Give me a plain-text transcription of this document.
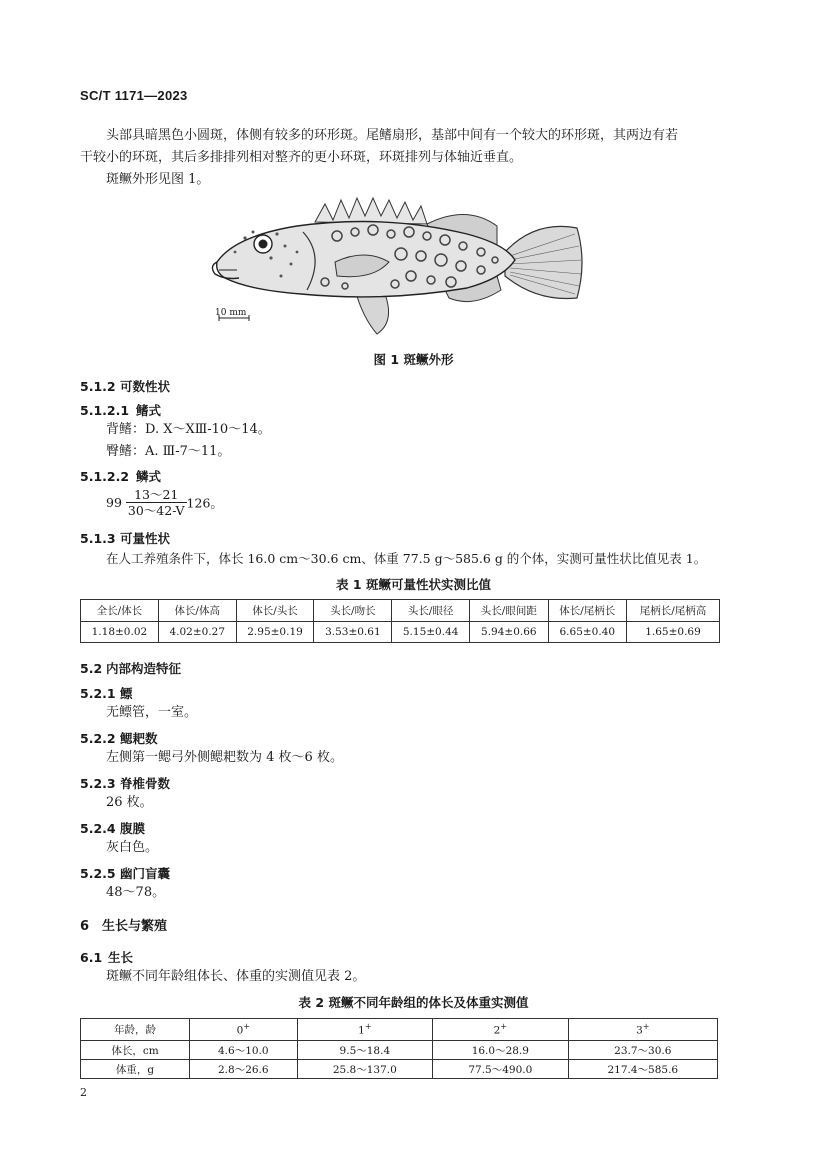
SC/T 1171—2023
头部具暗黑色小圆斑，体侧有较多的环形斑。尾鳍扇形，基部中间有一个较大的环形斑，其两边有若
干较小的环斑，其后多排排列相对整齐的更小环斑，环斑排列与体轴近垂直。
斑鳜外形见图 1。
10 mm
图 1 斑鳜外形
5.1.2 可数性状
5.1.2.1 鳍式
背鳍：D. Ⅹ～ⅩⅢ-10～14。
臀鳍：A. Ⅲ-7～11。
5.1.2.2 鳞式
$99 \frac{13\sim 21}{30\sim 42-V} 126$。
5.1.3 可量性状
在人工养殖条件下，体长 16.0 cm～30.6 cm、体重 77.5 g～585.6 g 的个体，实测可量性状比值见表 1。
表 1 斑鳜可量性状实测比值
全长/体长	体长/体高	体长/头长	头长/吻长	头长/眼径	头长/眼间距	体长/尾柄长	尾柄长/尾柄高
1.18±0.02	4.02±0.27	2.95±0.19	3.53±0.61	5.15±0.44	5.94±0.66	6.65±0.40	1.65±0.69
5.2 内部构造特征
5.2.1 鳔
无鳔管，一室。
5.2.2 鳃耙数
左侧第一鳃弓外侧鳃耙数为 4 枚～6 枚。
5.2.3 脊椎骨数
26 枚。
5.2.4 腹膜
灰白色。
5.2.5 幽门盲囊
48～78。
6 生长与繁殖
6.1 生长
斑鳜不同年龄组体长、体重的实测值见表 2。
表 2 斑鳜不同年龄组的体长及体重实测值
年龄，龄	0+	1+	2+	3+
体长，cm	4.6～10.0	9.5～18.4	16.0～28.9	23.7～30.6
体重，g	2.8～26.6	25.8～137.0	77.5～490.0	217.4～585.6
2
